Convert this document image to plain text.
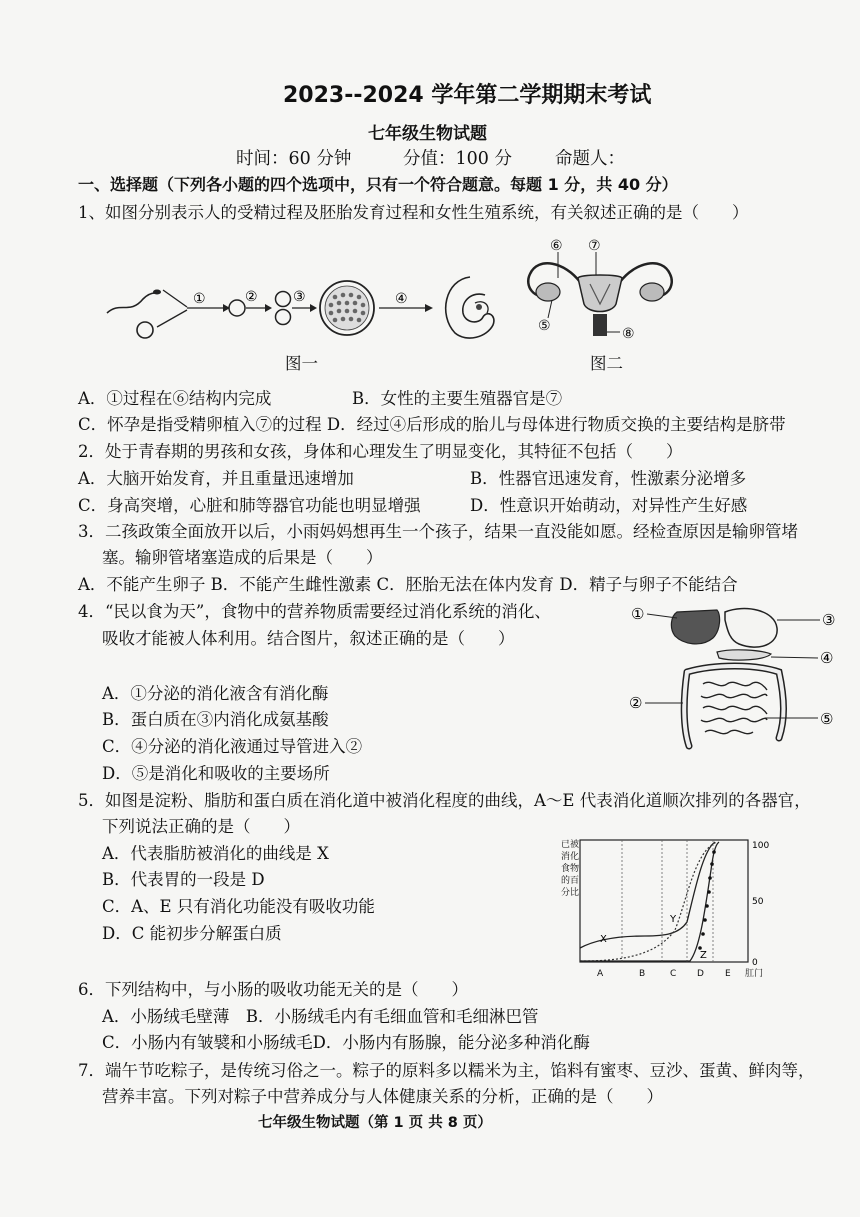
2023--2024 学年第二学期期末考试
七年级生物试题
时间：60 分钟	分值：100 分 命题人：
一、选择题（下列各小题的四个选项中，只有一个符合题意。每题 1 分，共 40 分）
1、如图分别表示人的受精过程及胚胎发育过程和女性生殖系统，有关叙述正确的是（　　）
①	②	③	④
⑥ ⑦
⑤	⑧
图一	图二
A．①过程在⑥结构内完成	B．女性的主要生殖器官是⑦
C．怀孕是指受精卵植入⑦的过程 D．经过④后形成的胎儿与母体进行物质交换的主要结构是脐带
2．处于青春期的男孩和女孩，身体和心理发生了明显变化，其特征不包括（　　）
A．大脑开始发育，并且重量迅速增加	B．性器官迅速发育，性激素分泌增多
C．身高突增，心脏和肺等器官功能也明显增强	D．性意识开始萌动，对异性产生好感
3．二孩政策全面放开以后，小雨妈妈想再生一个孩子，结果一直没能如愿。经检查原因是输卵管堵
塞。输卵管堵塞造成的后果是（　　）
A．不能产生卵子 B．不能产生雌性激素 C．胚胎无法在体内发育 D．精子与卵子不能结合
4．“民以食为天”，食物中的营养物质需要经过消化系统的消化、
吸收才能被人体利用。结合图片，叙述正确的是（　　）
A．①分泌的消化液含有消化酶
B．蛋白质在③内消化成氨基酸
C．④分泌的消化液通过导管进入②
D．⑤是消化和吸收的主要场所
①	③
④
②
⑤
5．如图是淀粉、脂肪和蛋白质在消化道中被消化程度的曲线，A～E 代表消化道顺次排列的各器官，
下列说法正确的是（　　）
A．代表脂肪被消化的曲线是 X
B．代表胃的一段是 D
C．A、E 只有消化功能没有吸收功能
D．C 能初步分解蛋白质
已被
消化
食物
的百
分比
100
50
0
X
Y
Z
A	B	C D E 肛门
6．下列结构中，与小肠的吸收功能无关的是（　　）
A．小肠绒毛壁薄　B．小肠绒毛内有毛细血管和毛细淋巴管
C．小肠内有皱襞和小肠绒毛D．小肠内有肠腺，能分泌多种消化酶
7．端午节吃粽子，是传统习俗之一。粽子的原料多以糯米为主，馅料有蜜枣、豆沙、蛋黄、鲜肉等，
营养丰富。下列对粽子中营养成分与人体健康关系的分析，正确的是（　　）
七年级生物试题（第 1 页 共 8 页）
